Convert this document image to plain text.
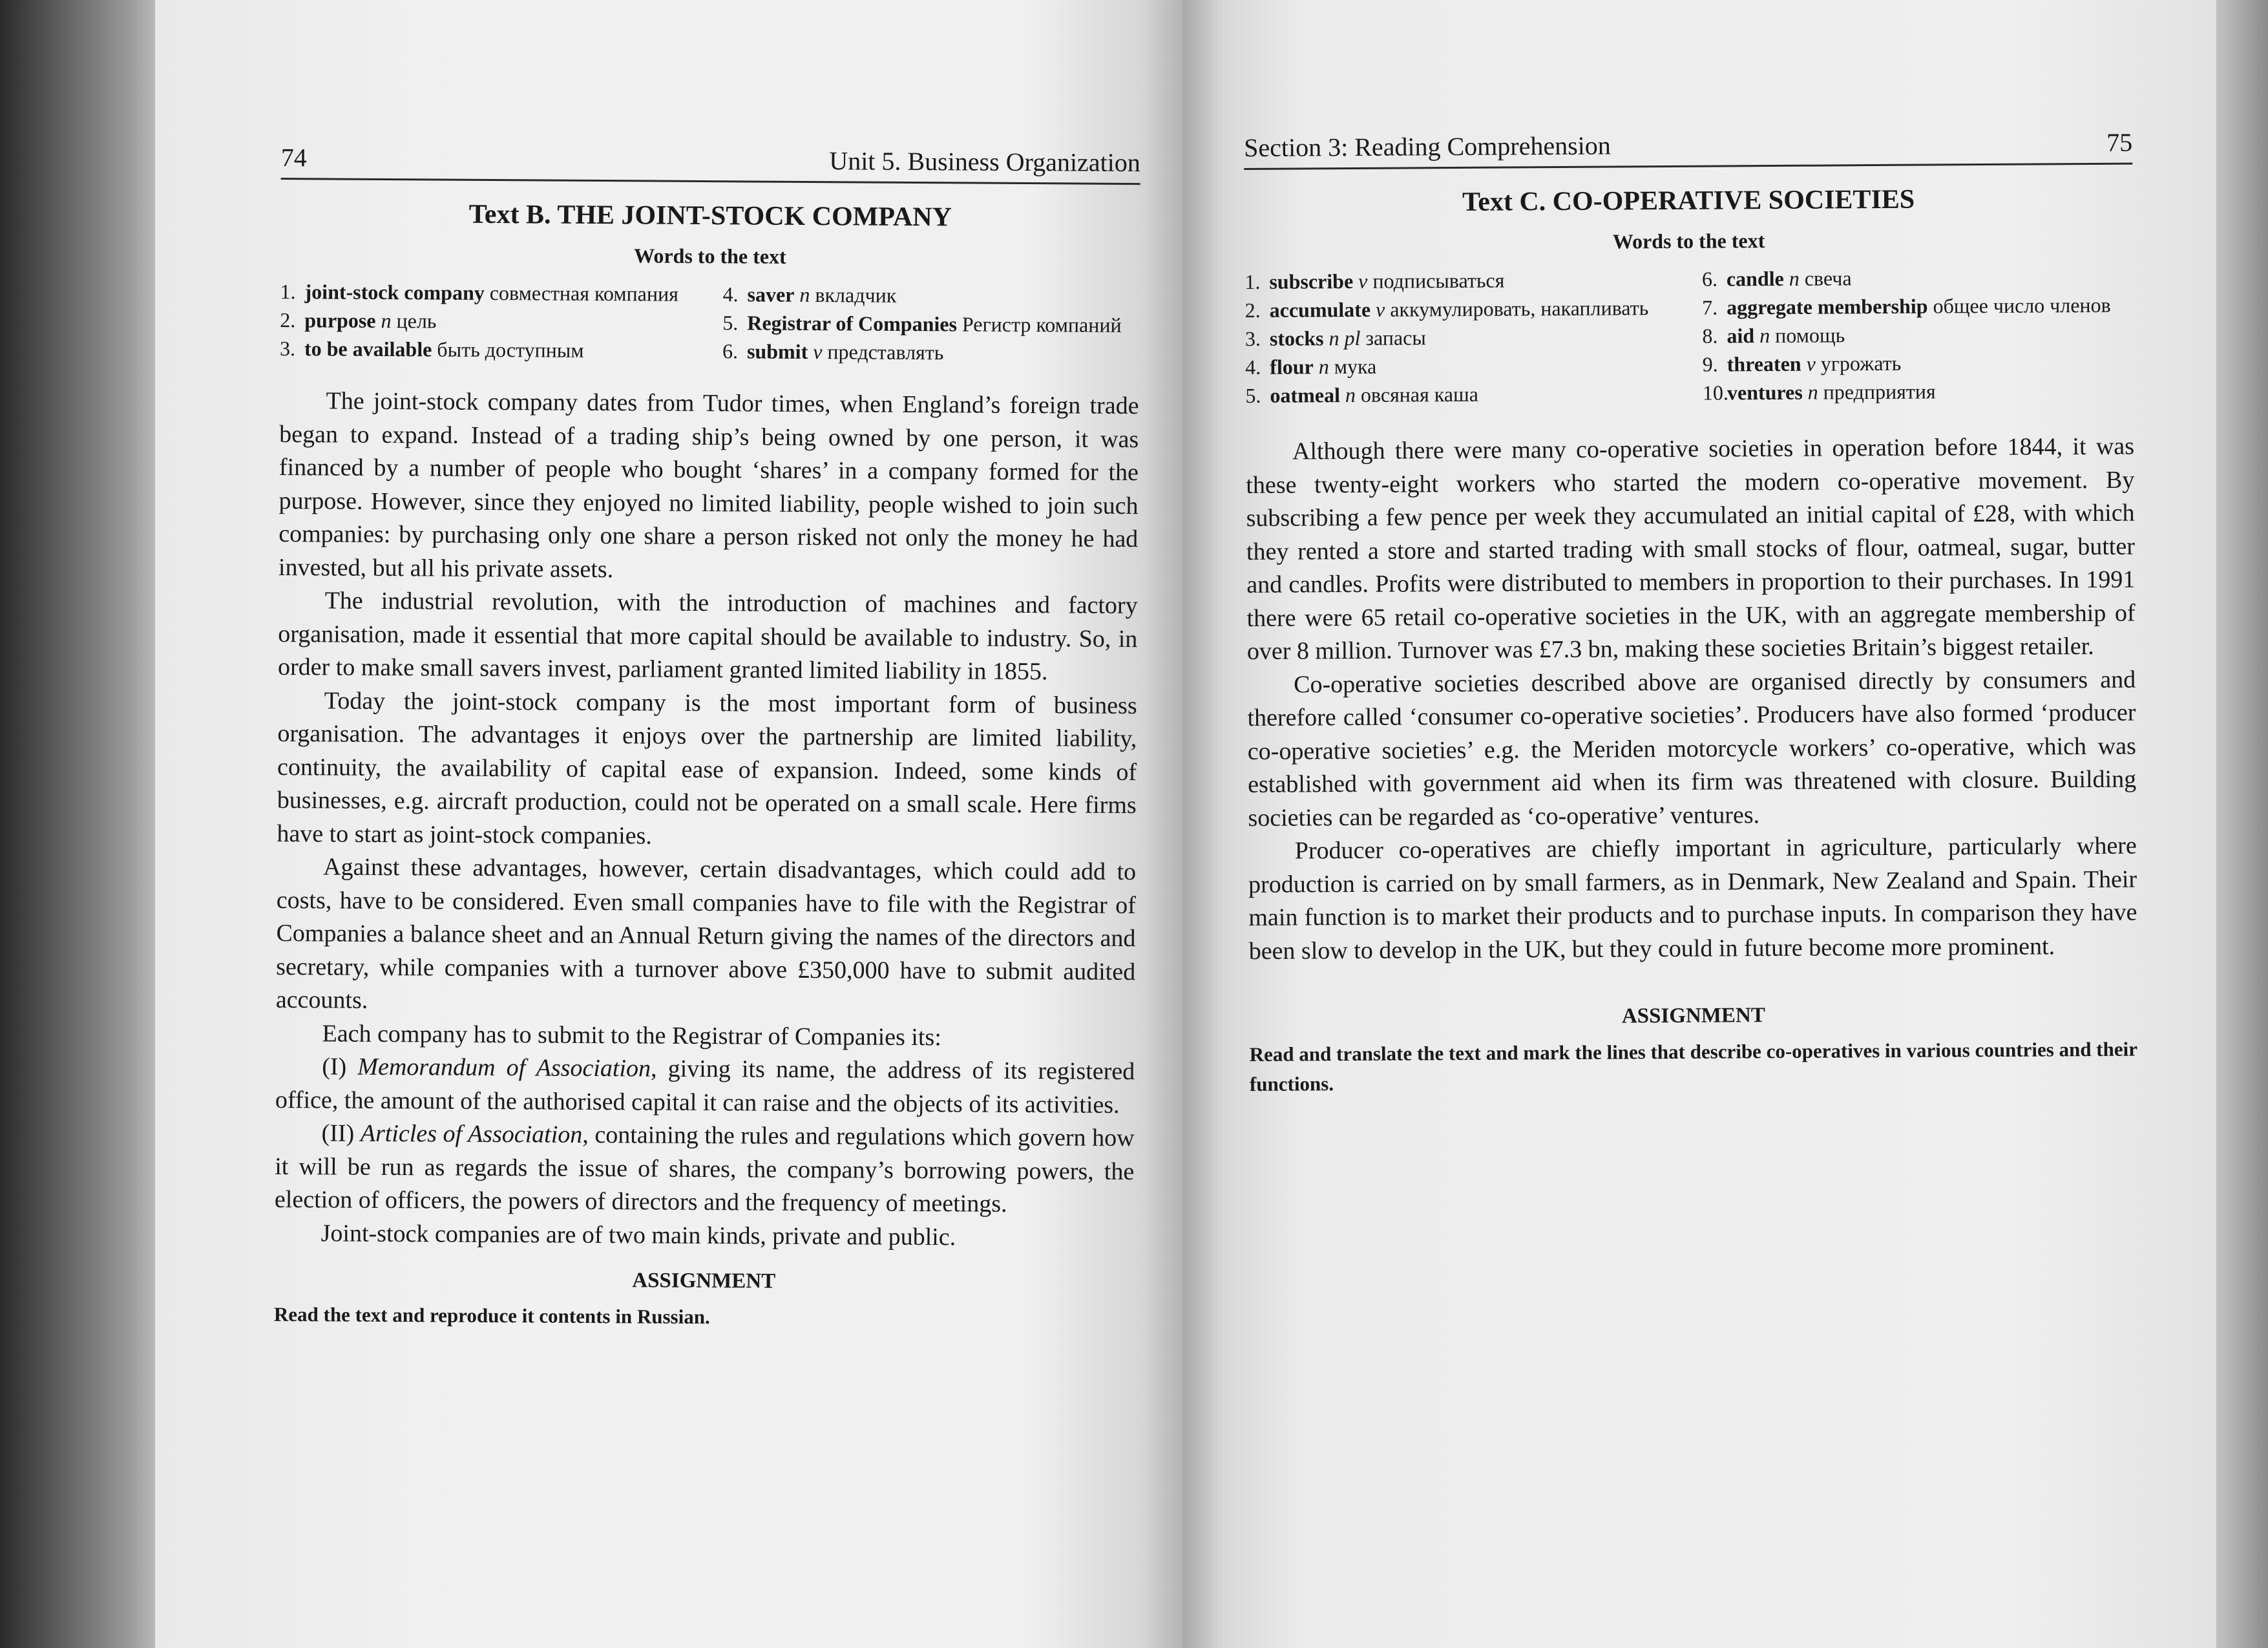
74	Unit 5. Business Organization
Text B. THE JOINT-STOCK COMPANY
Words to the text
1. joint-stock company совместная компания
2. purpose n цель
3. to be available быть доступным
4. saver n вкладчик
5. Registrar of Companies Регистр компаний
6. submit v представлять

The joint-stock company dates from Tudor times, when England’s foreign trade began to expand. Instead of a trading ship’s being owned by one person, it was financed by a number of people who bought ‘shares’ in a company formed for the purpose. However, since they enjoyed no limited liability, people wished to join such companies: by purchasing only one share a person risked not only the money he had invested, but all his private assets.

The industrial revolution, with the introduction of machines and factory organisation, made it essential that more capital should be available to industry. So, in order to make small savers invest, parliament granted limited liability in 1855.

Today the joint-stock company is the most important form of business organisation. The advantages it enjoys over the partnership are limited liability, continuity, the availability of capital ease of expansion. Indeed, some kinds of businesses, e.g. aircraft production, could not be operated on a small scale. Here firms have to start as joint-stock companies.

Against these advantages, however, certain disadvantages, which could add to costs, have to be considered. Even small companies have to file with the Registrar of Companies a balance sheet and an Annual Return giving the names of the directors and secretary, while companies with a turnover above £350,000 have to submit audited accounts.

Each company has to submit to the Registrar of Companies its:

(I) Memorandum of Association, giving its name, the address of its registered office, the amount of the authorised capital it can raise and the objects of its activities.

(II) Articles of Association, containing the rules and regulations which govern how it will be run as regards the issue of shares, the company’s borrowing powers, the election of officers, the powers of directors and the frequency of meetings.

Joint-stock companies are of two main kinds, private and public.

ASSIGNMENT

Read the text and reproduce it contents in Russian.

Section 3: Reading Comprehension	75
Text C. CO-OPERATIVE SOCIETIES
Words to the text
1. subscribe v подписываться
2. accumulate v аккумулировать, накапливать
3. stocks n pl запасы
4. flour n мука
5. oatmeal n овсяная каша
6. candle n свеча
7. aggregate membership общее число членов
8. aid n помощь
9. threaten v угрожать
10.
ventures n предприятия

Although there were many co-operative societies in operation before 1844, it was these twenty-eight workers who started the modern co-operative movement. By subscribing a few pence per week they accumulated an initial capital of £28, with which they rented a store and started trading with small stocks of flour, oatmeal, sugar, butter and candles. Profits were distributed to members in proportion to their purchases. In 1991 there were 65 retail co-operative societies in the UK, with an aggregate membership of over 8 million. Turnover was £7.3 bn, making these societies Britain’s biggest retailer.

Co-operative societies described above are organised directly by consumers and therefore called ‘consumer co-operative societies’. Producers have also formed ‘producer co-operative societies’ e.g. the Meriden motorcycle workers’ co-operative, which was established with government aid when its firm was threatened with closure. Building societies can be regarded as ‘co-operative’ ventures.

Producer co-operatives are chiefly important in agriculture, particularly where production is carried on by small farmers, as in Denmark, New Zealand and Spain. Their main function is to market their products and to purchase inputs. In comparison they have been slow to develop in the UK, but they could in future become more prominent.

ASSIGNMENT

Read and translate the text and mark the lines that describe co-operatives in various countries and their functions.
